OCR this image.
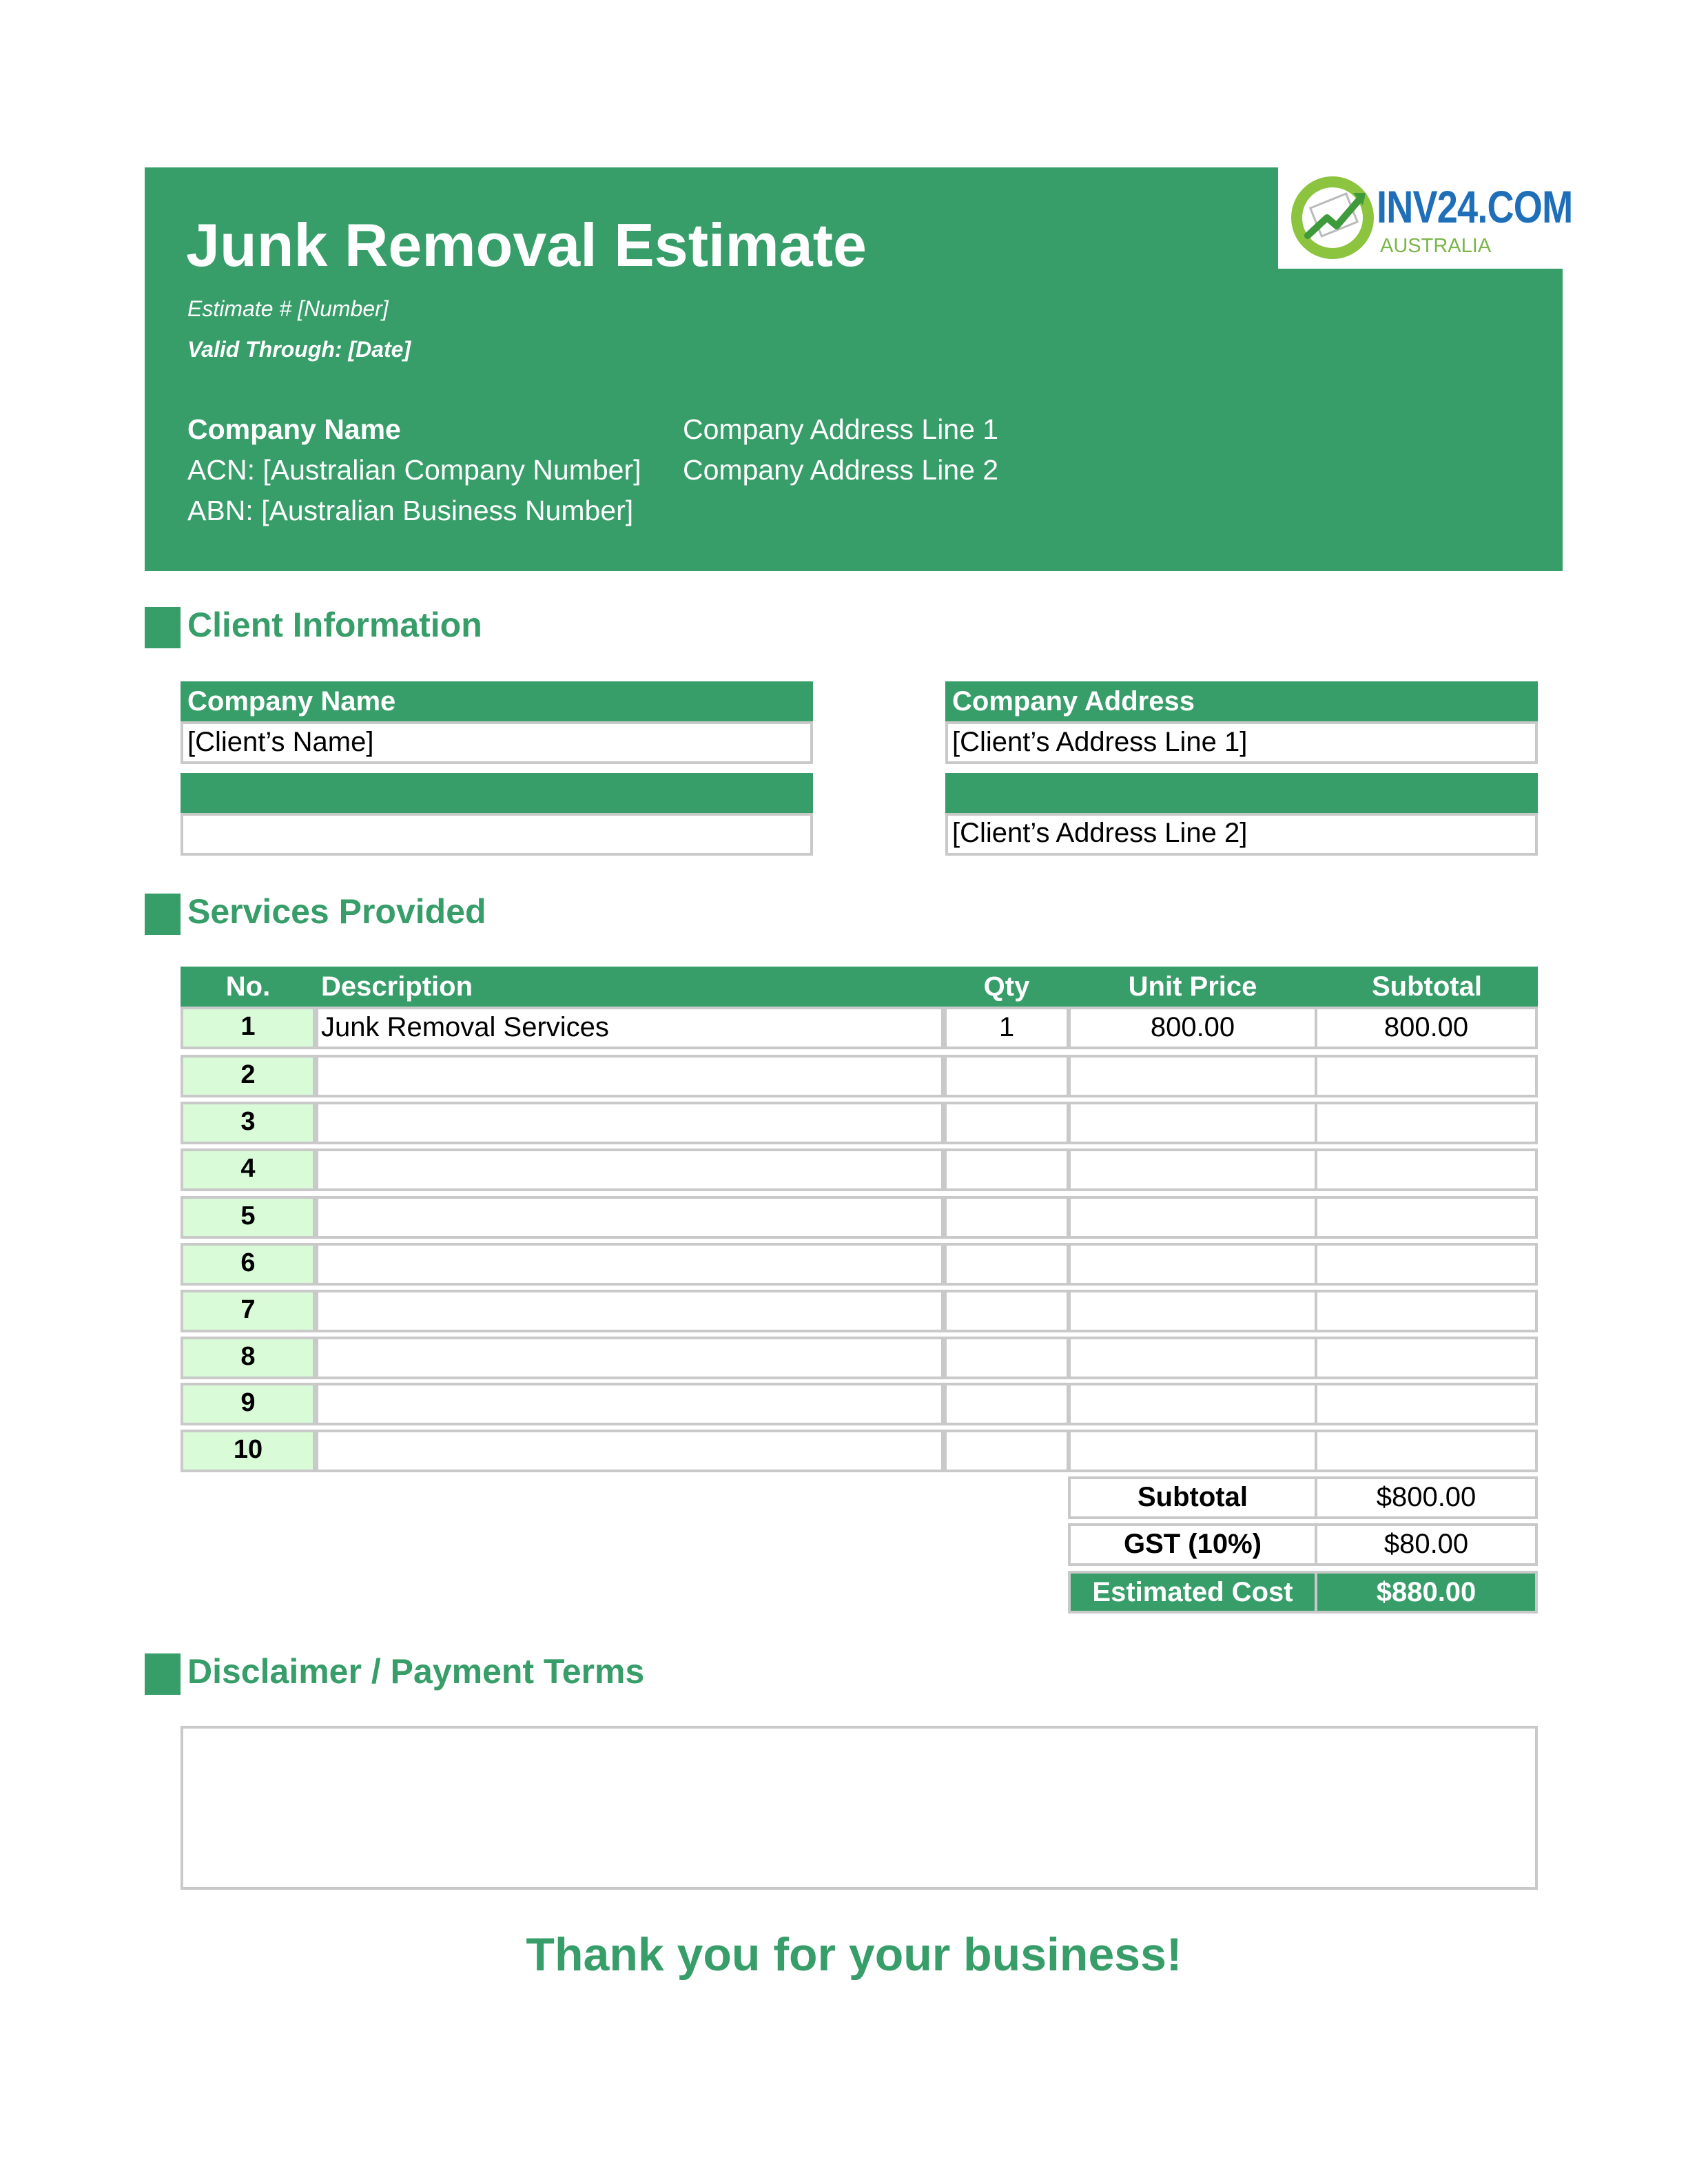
Junk Removal Estimate
Estimate # [Number]
Valid Through: [Date]
Company Name
ACN: [Australian Company Number]
ABN: [Australian Business Number]
Company Address Line 1
Company Address Line 2
INV24.COM
AUSTRALIA
Client Information
Company Name
[Client’s Name]
Company Address
[Client’s Address Line 1]
[Client’s Address Line 2]
Services Provided
No.	Description	Qty	Unit Price	Subtotal
1	Junk Removal Services	1	800.00	800.00
2
3
4
5
6
7
8
9
10
Subtotal	$800.00
GST (10%)	$80.00
Estimated Cost	$880.00
Disclaimer / Payment Terms
Thank you for your business!
